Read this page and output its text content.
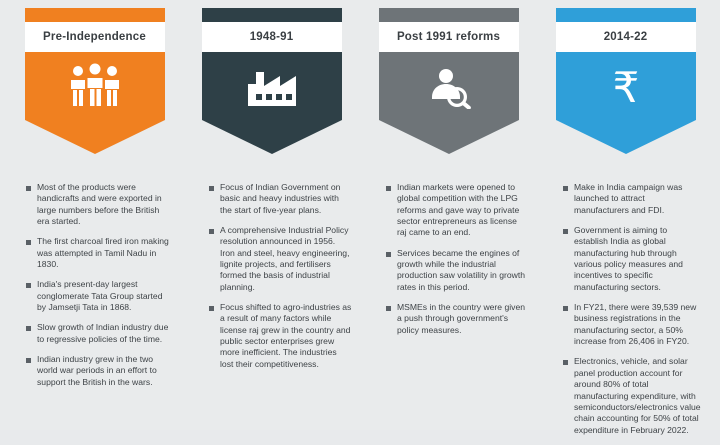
Pre-Independence
Most of the products were handicrafts and were exported in large numbers before the British era started.
The first charcoal fired iron making was attempted in Tamil Nadu in 1830.
India's present-day largest conglomerate Tata Group started by Jamsetji Tata in 1868.
Slow growth of Indian industry due to regressive policies of the time.
Indian industry grew in the two world war periods in an effort to support the British in the wars.
1948-91
Focus of Indian Government on basic and heavy industries with the start of five-year plans.
A comprehensive Industrial Policy resolution announced in 1956. Iron and steel, heavy engineering, lignite projects, and fertilisers formed the basis of industrial planning.
Focus shifted to agro-industries as a result of many factors while license raj grew in the country and public sector enterprises grew more inefficient. The industries lost their competitiveness.
Post 1991 reforms
Indian markets were opened to global competition with the LPG reforms and gave way to private sector entrepreneurs as license raj came to an end.
Services became the engines of growth while the industrial production saw volatility in growth rates in this period.
MSMEs in the country were given a push through government's policy measures.
2014-22
₹
Make in India campaign was launched to attract manufacturers and FDI.
Government is aiming to establish India as global manufacturing hub through various policy measures and incentives to specific manufacturing sectors.
In FY21, there were 39,539 new business registrations in the manufacturing sector, a 50% increase from 26,406 in FY20.
Electronics, vehicle, and solar panel production account for around 80% of total manufacturing expenditure, with semiconductors/electronics value chain accounting for 50% of total expenditure in February 2022.
